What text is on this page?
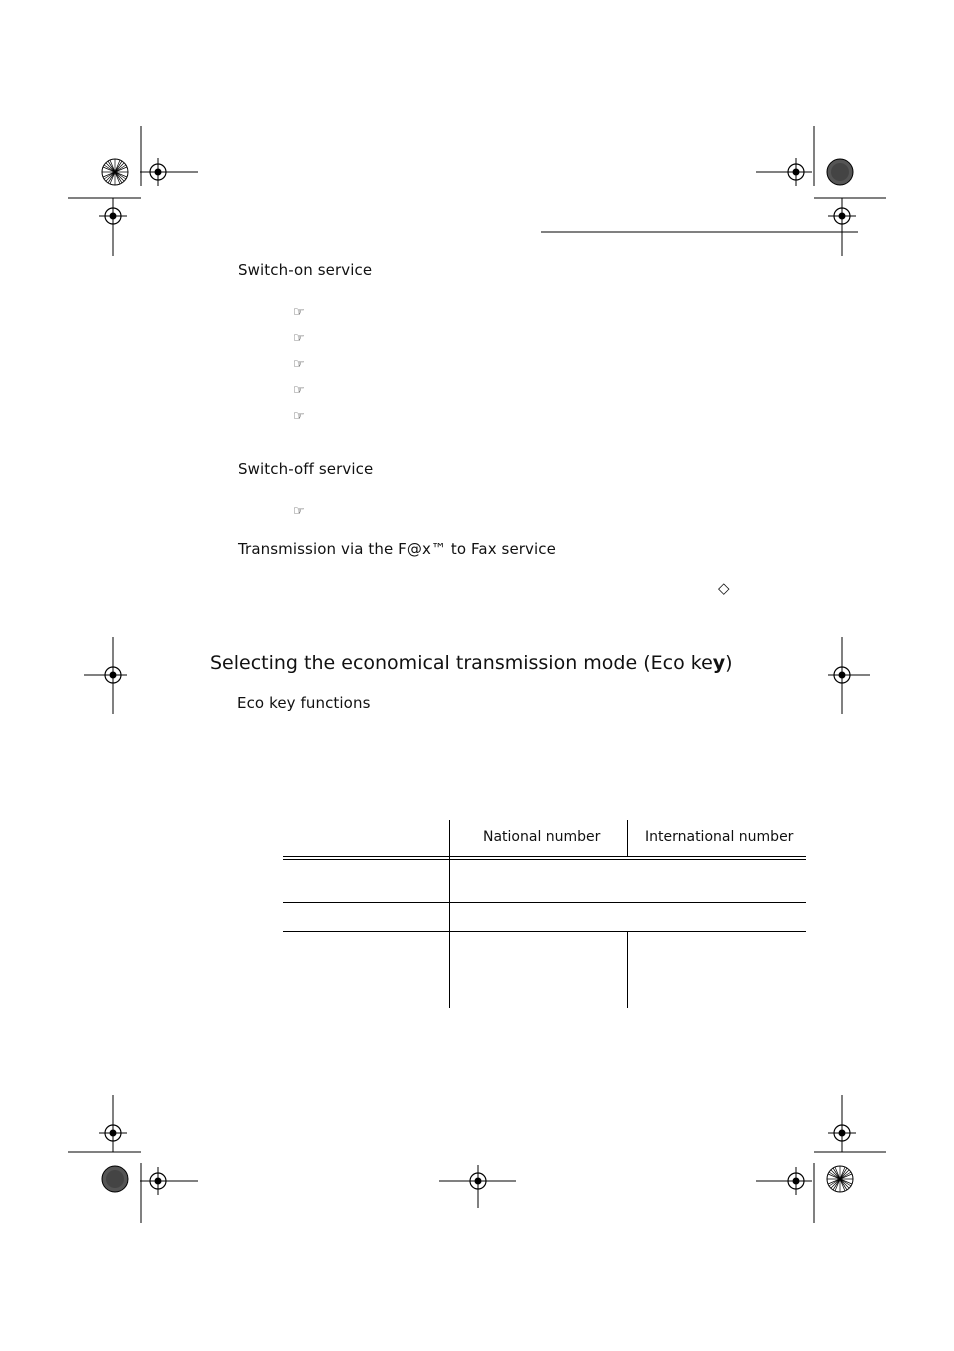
Switch-on service
☞
☞
☞
☞
☞
Switch-off service
☞
Transmission via the F@x™ to Fax service
◇
Selecting the economical transmission mode (Eco key)
Eco key functions
National number	International number
